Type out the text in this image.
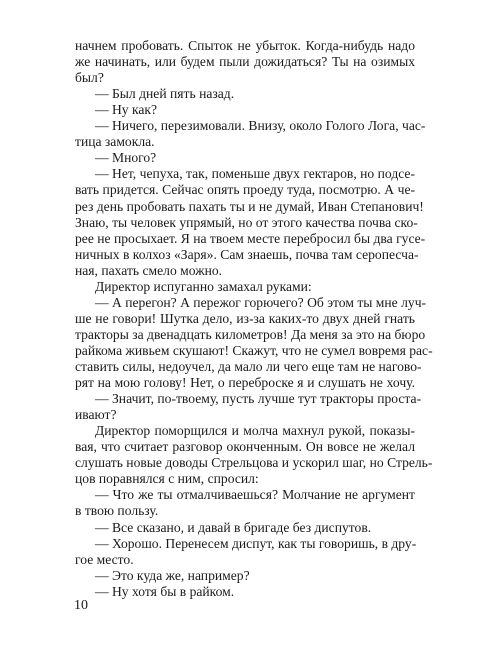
начнем пробовать. Спыток не убыток. Когда-нибудь надо
же начинать, или будем пыли дожидаться? Ты на озимых
был?
— Был дней пять назад.
— Ну как?
— Ничего, перезимовали. Внизу, около Голого Лога, час-
тица замокла.
— Много?
— Нет, чепуха, так, поменьше двух гектаров, но подсе-
вать придется. Сейчас опять проеду туда, посмотрю. А че-
рез день пробовать пахать ты и не думай, Иван Степанович!
Знаю, ты человек упрямый, но от этого качества почва ско-
рее не просыхает. Я на твоем месте перебросил бы два гусе-
ничных в колхоз «Заря». Сам знаешь, почва там серопесча-
ная, пахать смело можно.
Директор испуганно замахал руками:
— А перегон? А пережог горючего? Об этом ты мне луч-
ше не говори! Шутка дело, из-за каких-то двух дней гнать
тракторы за двенадцать километров! Да меня за это на бюро
райкома живьем скушают! Скажут, что не сумел вовремя рас-
ставить силы, недоучел, да мало ли чего еще там не нагово-
рят на мою голову! Нет, о переброске я и слушать не хочу.
— Значит, по-твоему, пусть лучше тут тракторы проста-
ивают?
Директор поморщился и молча махнул рукой, показы-
вая, что считает разговор оконченным. Он вовсе не желал
слушать новые доводы Стрельцова и ускорил шаг, но Стрель-
цов поравнялся с ним, спросил:
— Что же ты отмалчиваешься? Молчание не аргумент
в твою пользу.
— Все сказано, и давай в бригаде без диспутов.
— Хорошо. Перенесем диспут, как ты говоришь, в дру-
гое место.
— Это куда же, например?
— Ну хотя бы в райком.
10
